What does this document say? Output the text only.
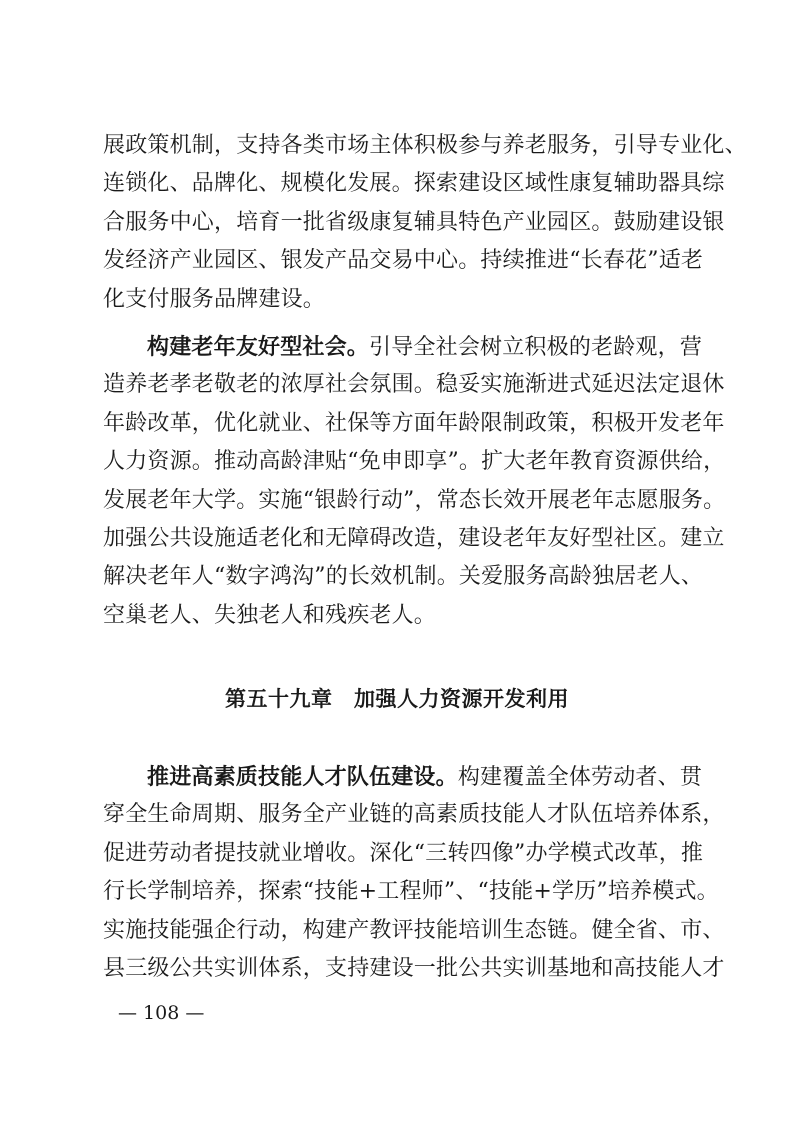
展政策机制，支持各类市场主体积极参与养老服务，引导专业化、
连锁化、品牌化、规模化发展。探索建设区域性康复辅助器具综
合服务中心，培育一批省级康复辅具特色产业园区。鼓励建设银
发经济产业园区、银发产品交易中心。持续推进“长春花”适老
化支付服务品牌建设。
构建老年友好型社会。引导全社会树立积极的老龄观，营
造养老孝老敬老的浓厚社会氛围。稳妥实施渐进式延迟法定退休
年龄改革，优化就业、社保等方面年龄限制政策，积极开发老年
人力资源。推动高龄津贴“免申即享”。扩大老年教育资源供给，
发展老年大学。实施“银龄行动”，常态长效开展老年志愿服务。
加强公共设施适老化和无障碍改造，建设老年友好型社区。建立
解决老年人“数字鸿沟”的长效机制。关爱服务高龄独居老人、
空巢老人、失独老人和残疾老人。
第五十九章　加强人力资源开发利用
推进高素质技能人才队伍建设。构建覆盖全体劳动者、贯
穿全生命周期、服务全产业链的高素质技能人才队伍培养体系，
促进劳动者提技就业增收。深化“三转四像”办学模式改革，推
行长学制培养，探索“技能+工程师”、“技能+学历”培养模式。
实施技能强企行动，构建产教评技能培训生态链。健全省、市、
县三级公共实训体系，支持建设一批公共实训基地和高技能人才
— 108 —
